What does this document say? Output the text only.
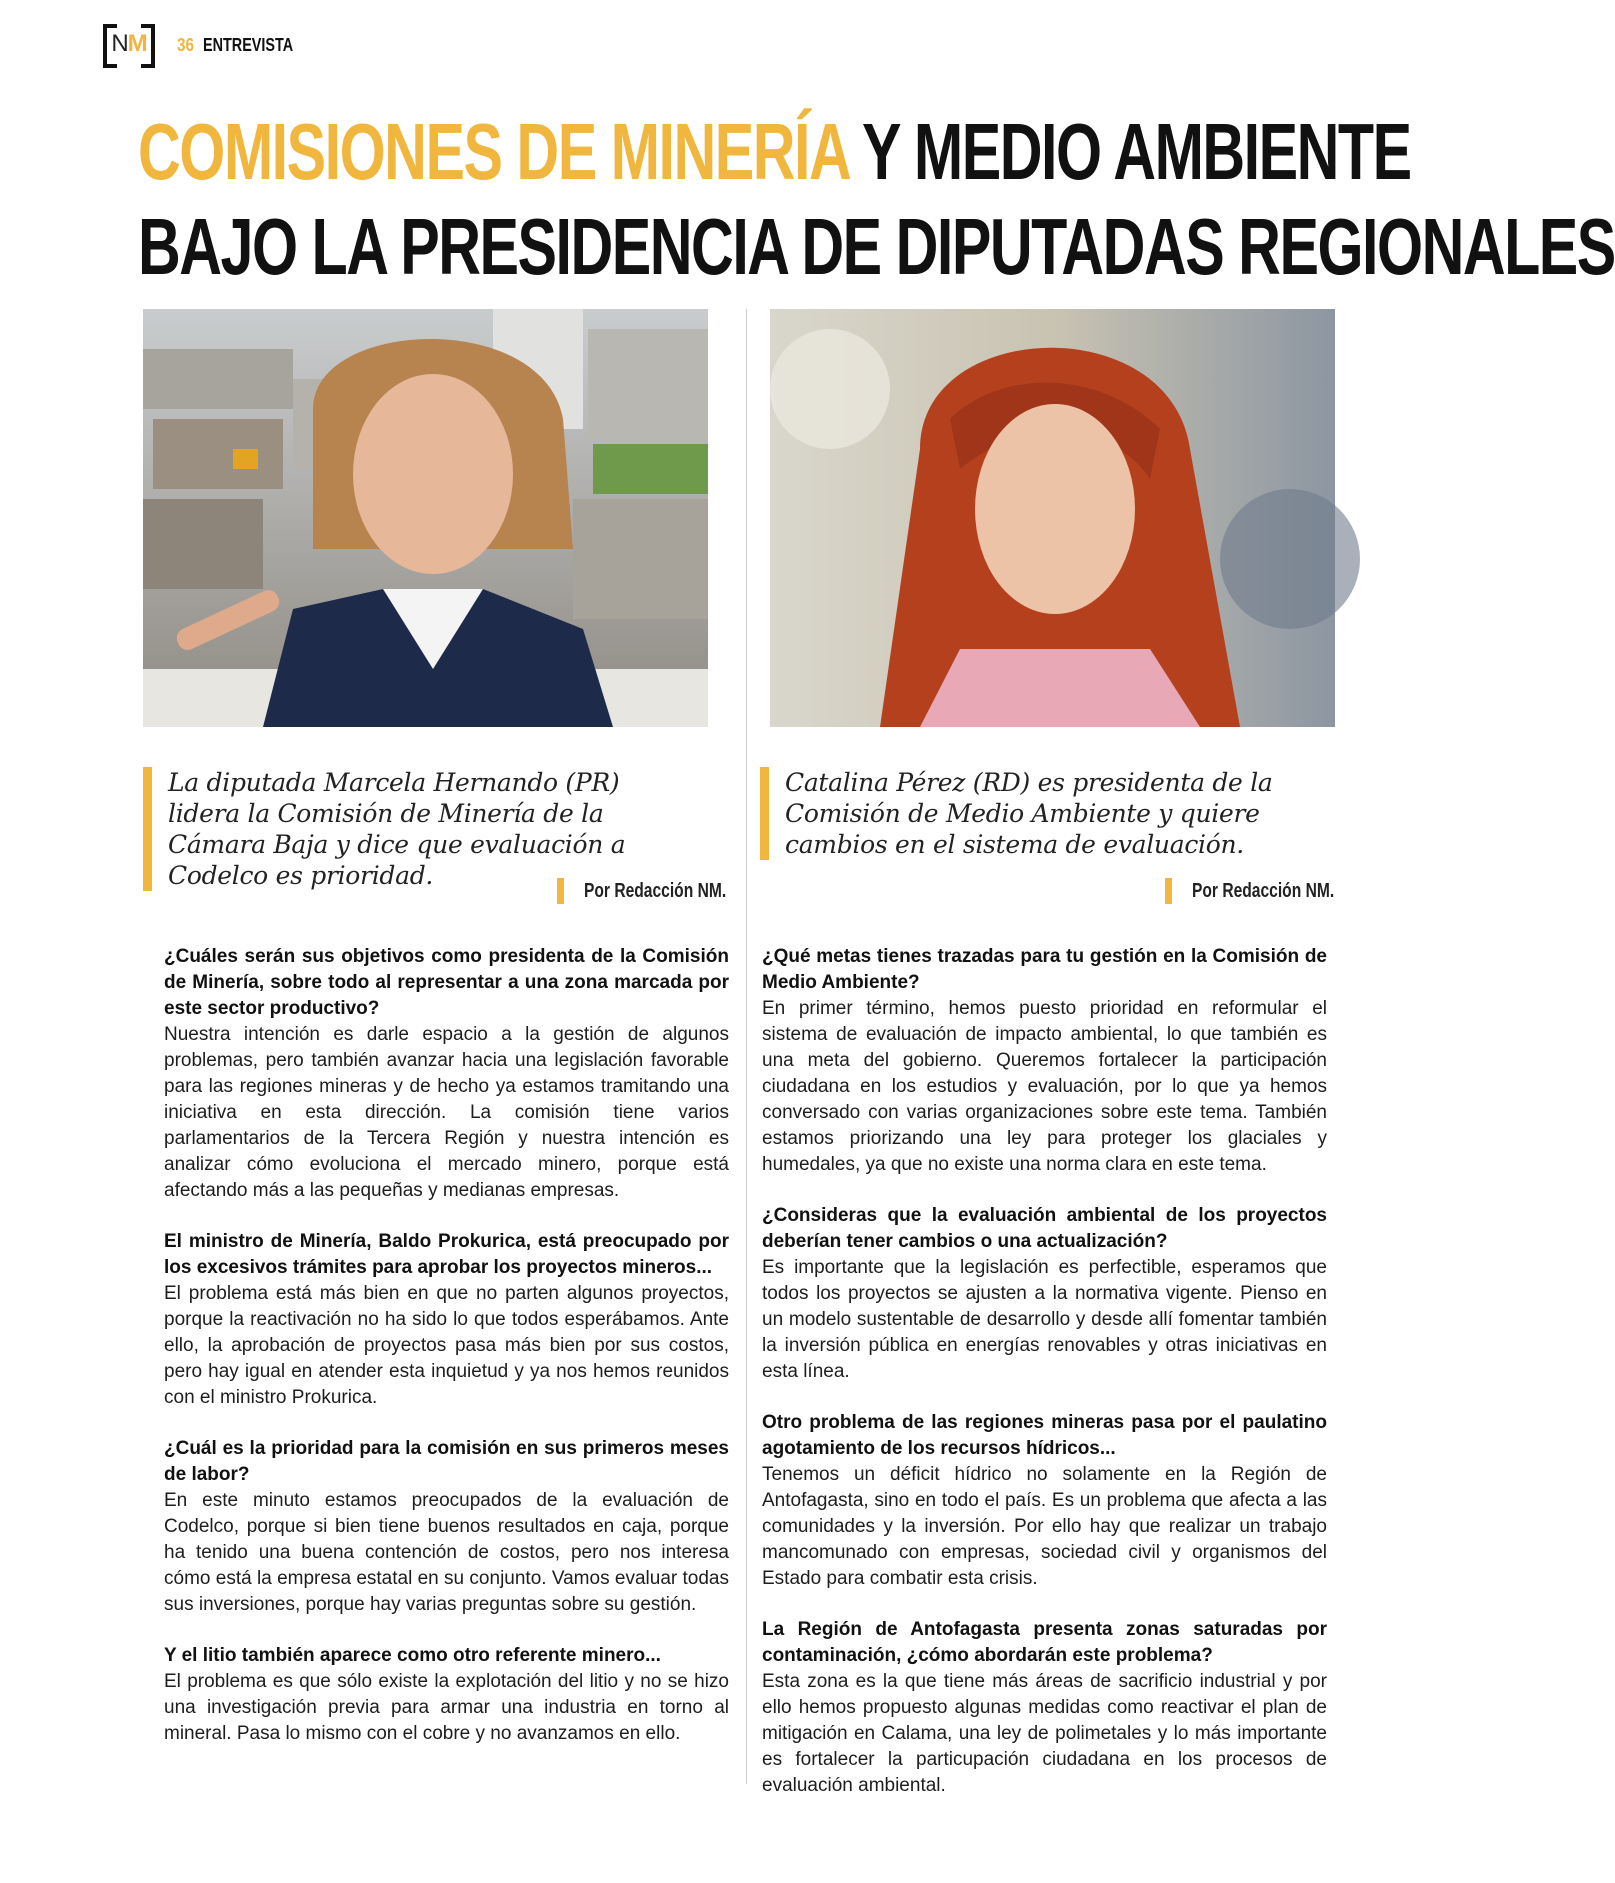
NM	36 ENTREVISTA
COMISIONES DE MINERÍA Y MEDIO AMBIENTE
BAJO LA PRESIDENCIA DE DIPUTADAS REGIONALES

La diputada Marcela Hernando (PR) lidera la Comisión de Minería de la Cámara Baja y dice que evaluación a Codelco es prioridad.

Catalina Pérez (RD) es presidenta de la Comisión de Medio Ambiente y quiere cambios en el sistema de evaluación.

Por Redacción NM.	Por Redacción NM.

¿Cuáles serán sus objetivos como presidenta de la Comisión de Minería, sobre todo al representar a una zona marcada por este sector productivo?

Nuestra intención es darle espacio a la gestión de algunos problemas, pero también avanzar hacia una legislación favorable para las regiones mineras y de hecho ya estamos tramitando una iniciativa en esta dirección. La comisión tiene varios parlamentarios de la Tercera Región y nuestra intención es analizar cómo evoluciona el mercado minero, porque está afectando más a las pequeñas y medianas empresas.

El ministro de Minería, Baldo Prokurica, está preocupado por los excesivos trámites para aprobar los proyectos mineros...

El problema está más bien en que no parten algunos proyectos, porque la reactivación no ha sido lo que todos esperábamos. Ante ello, la aprobación de proyectos pasa más bien por sus costos, pero hay igual en atender esta inquietud y ya nos hemos reunidos con el ministro Prokurica.

¿Cuál es la prioridad para la comisión en sus primeros meses de labor?

En este minuto estamos preocupados de la evaluación de Codelco, porque si bien tiene buenos resultados en caja, porque ha tenido una buena contención de costos, pero nos interesa cómo está la empresa estatal en su conjunto. Vamos evaluar todas sus inversiones, porque hay varias preguntas sobre su gestión.

Y el litio también aparece como otro referente minero...

El problema es que sólo existe la explotación del litio y no se hizo una investigación previa para armar una industria en torno al mineral. Pasa lo mismo con el cobre y no avanzamos en ello.

¿Qué metas tienes trazadas para tu gestión en la Comisión de Medio Ambiente?

En primer término, hemos puesto prioridad en reformular el sistema de evaluación de impacto ambiental, lo que también es una meta del gobierno. Queremos fortalecer la participación ciudadana en los estudios y evaluación, por lo que ya hemos conversado con varias organizaciones sobre este tema. También estamos priorizando una ley para proteger los glaciales y humedales, ya que no existe una norma clara en este tema.

¿Consideras que la evaluación ambiental de los proyectos deberían tener cambios o una actualización?

Es importante que la legislación es perfectible, esperamos que todos los proyectos se ajusten a la normativa vigente. Pienso en un modelo sustentable de desarrollo y desde allí fomentar también la inversión pública en energías renovables y otras iniciativas en esta línea.

Otro problema de las regiones mineras pasa por el paulatino agotamiento de los recursos hídricos...

Tenemos un déficit hídrico no solamente en la Región de Antofagasta, sino en todo el país. Es un problema que afecta a las comunidades y la inversión. Por ello hay que realizar un trabajo mancomunado con empresas, sociedad civil y organismos del Estado para combatir esta crisis.

La Región de Antofagasta presenta zonas saturadas por contaminación, ¿cómo abordarán este problema?

Esta zona es la que tiene más áreas de sacrificio industrial y por ello hemos propuesto algunas medidas como reactivar el plan de mitigación en Calama, una ley de polimetales y lo más importante es fortalecer la particupación ciudadana en los procesos de evaluación ambiental.
